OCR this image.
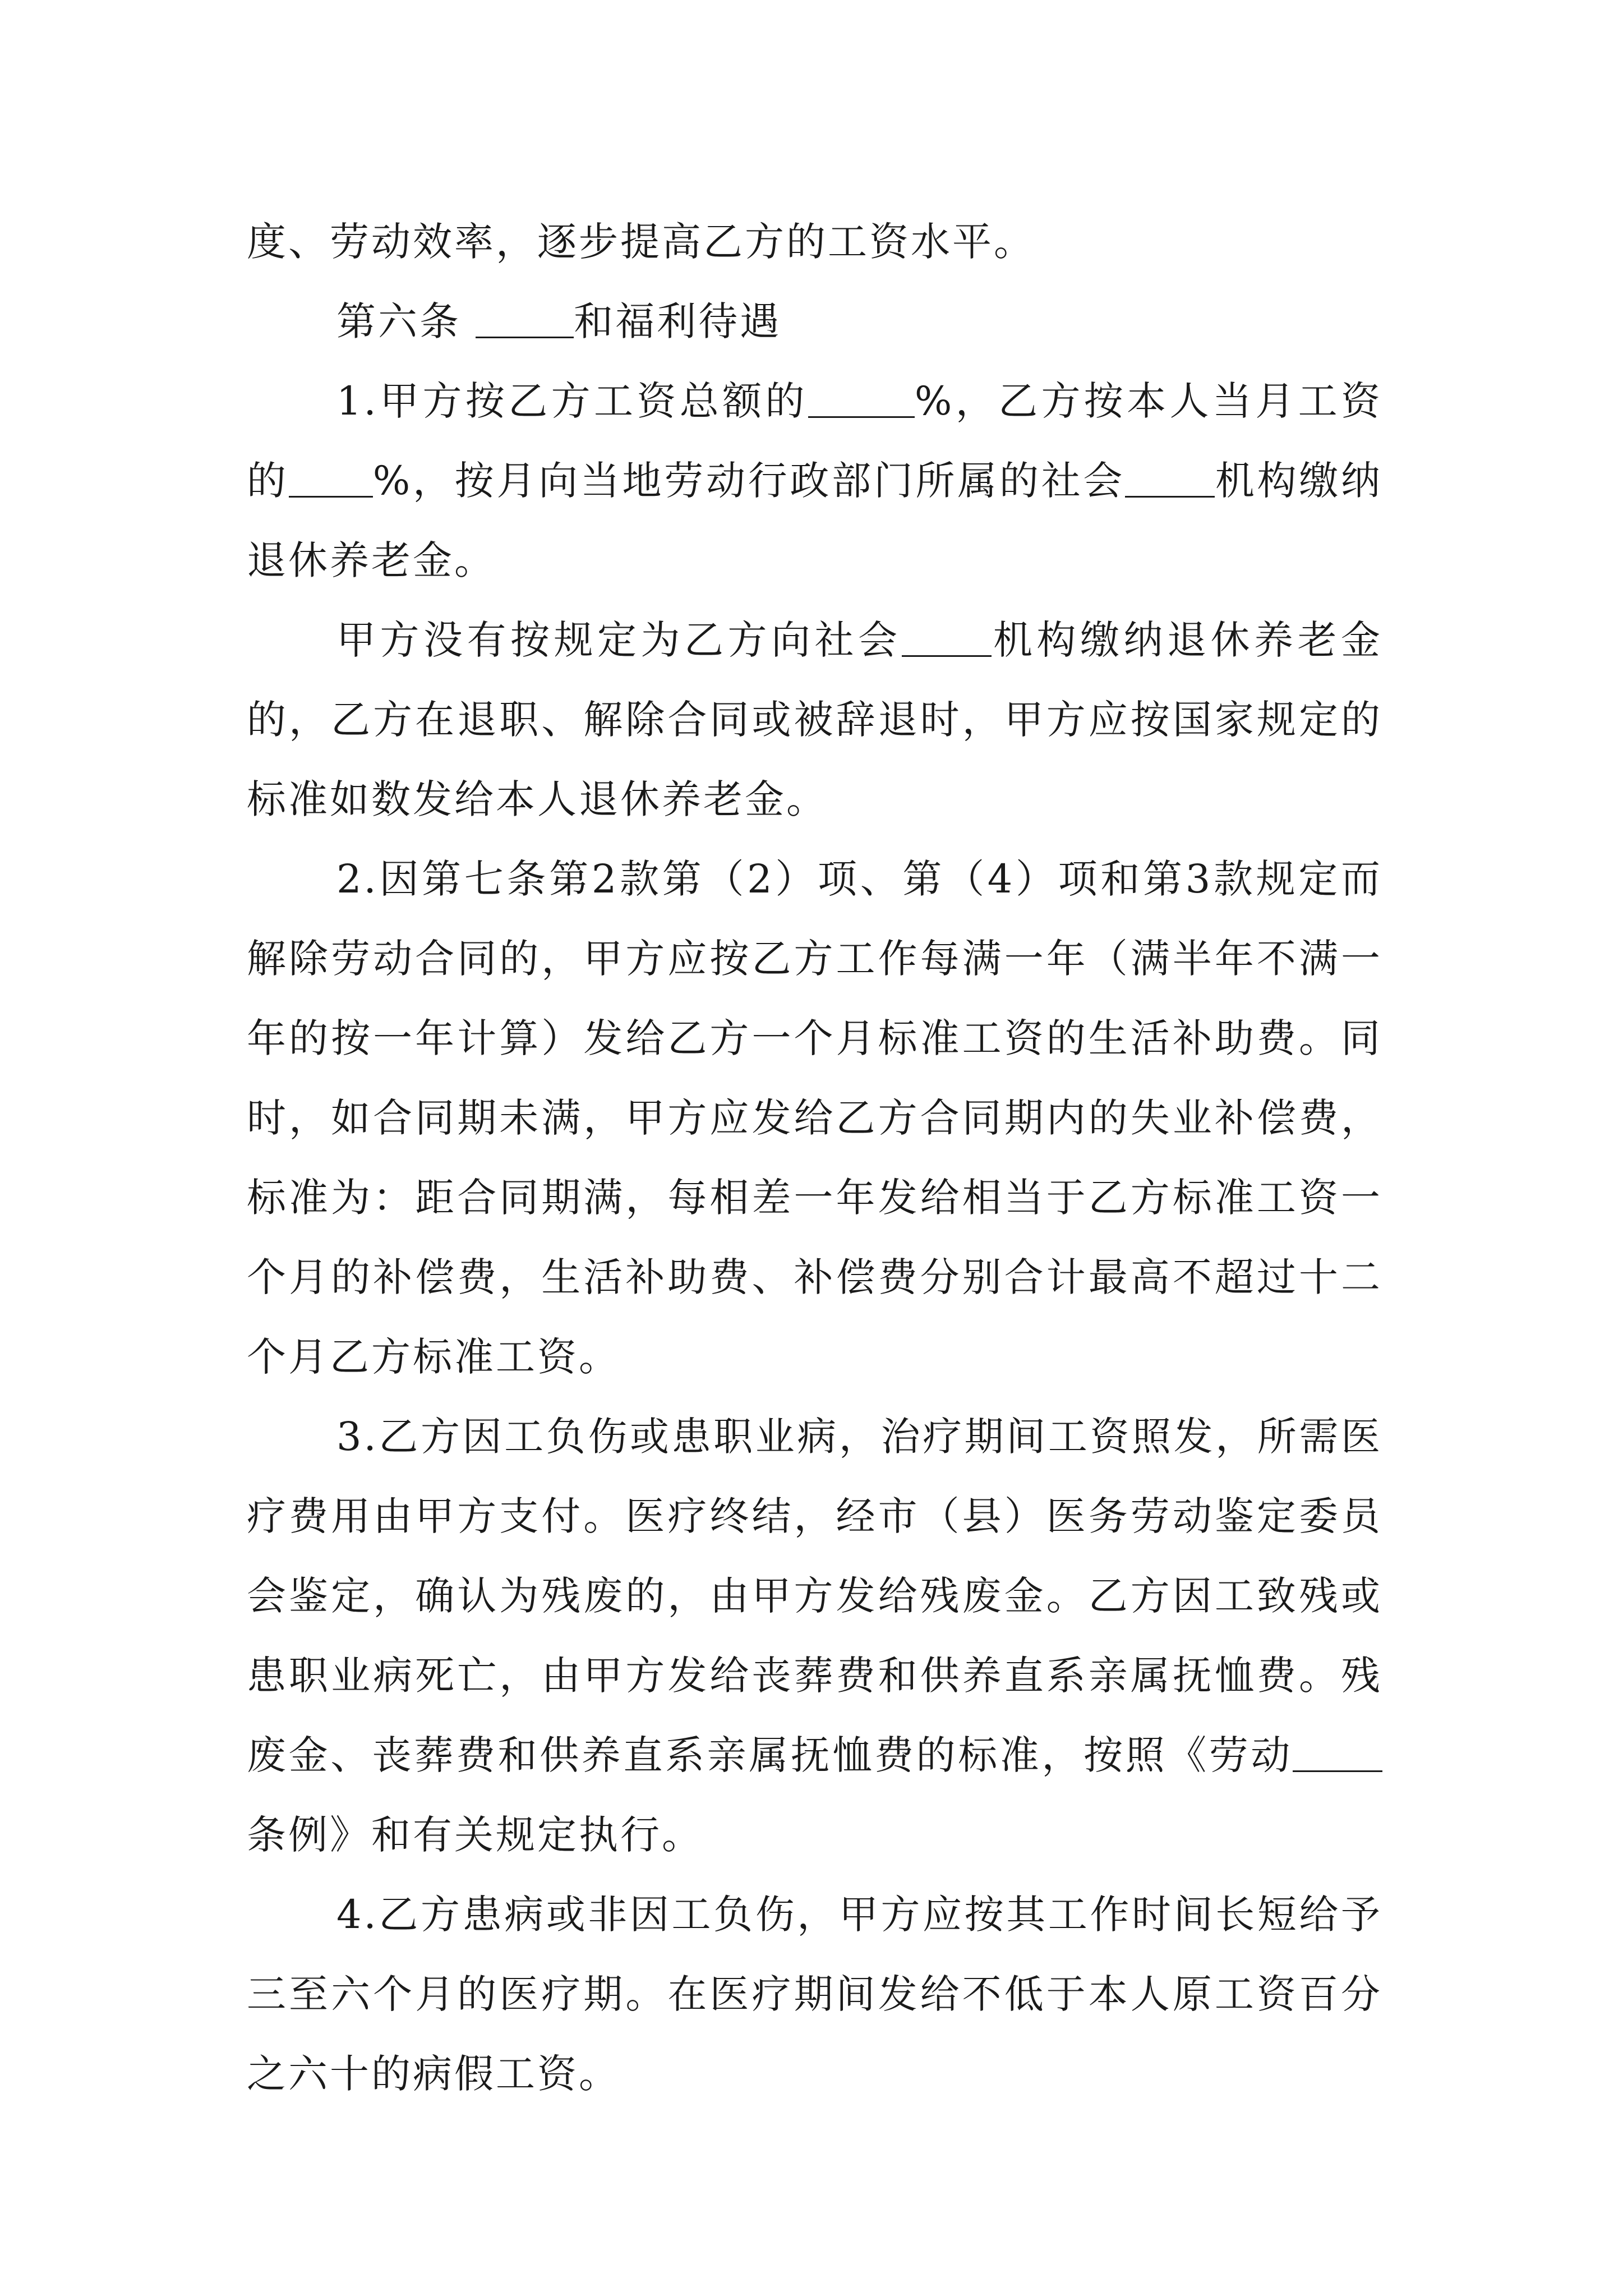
度、劳动效率，逐步提高乙方的工资水平。

第六条	和福利待遇

1.甲方按乙方工资总额的	%，乙方按本人当月工资的 %，按月向当地劳动行政部门所属的社会 机构缴纳退休养老金。

甲方没有按规定为乙方向社会 机构缴纳退休养老金的，乙方在退职、解除合同或被辞退时，甲方应按国家规定的标准如数发给本人退休养老金。

2.因第七条第2款第（2）项、第（4）项和第3款规定而解除劳动合同的，甲方应按乙方工作每满一年（满半年不满一年的按一年计算）发给乙方一个月标准工资的生活补助费。同时，如合同期未满，甲方应发给乙方合同期内的失业补偿费，标准为：距合同期满，每相差一年发给相当于乙方标准工资一个月的补偿费，生活补助费、补偿费分别合计最高不超过十二个月乙方标准工资。

3.乙方因工负伤或患职业病，治疗期间工资照发，所需医疗费用由甲方支付。医疗终结，经市（县）医务劳动鉴定委员会鉴定，确认为残废的，由甲方发给残废金。乙方因工致残或患职业病死亡，由甲方发给丧葬费和供养直系亲属抚恤费。残废金、丧葬费和供养直系亲属抚恤费的标准，按照《劳动条例》和有关规定执行。

4.乙方患病或非因工负伤，甲方应按其工作时间长短给予三至六个月的医疗期。在医疗期间发给不低于本人原工资百分之六十的病假工资。
